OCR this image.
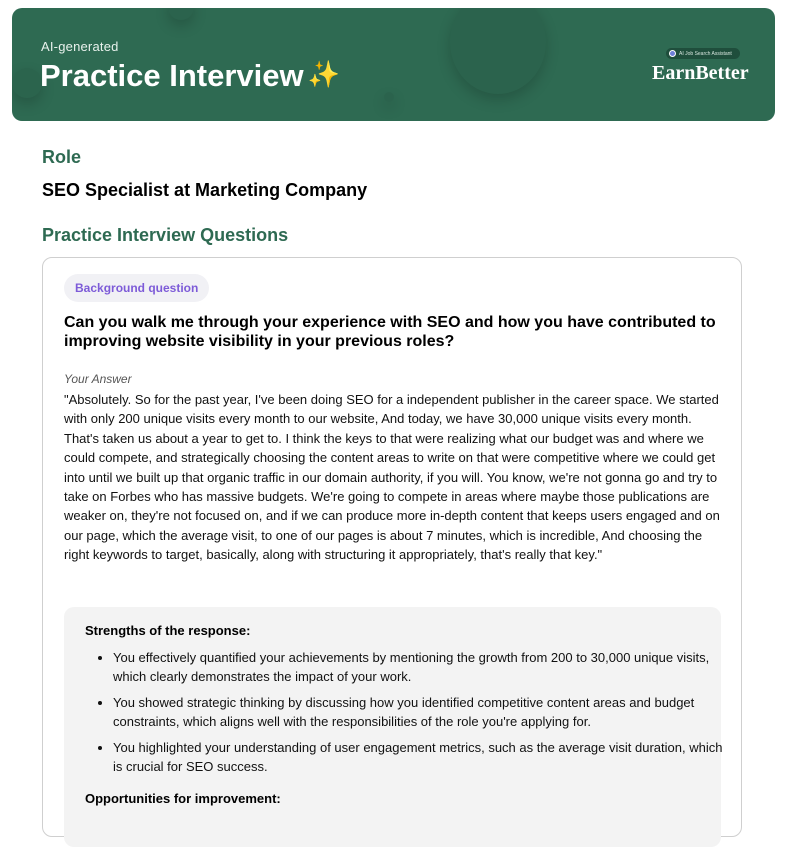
AI-generated
Practice Interview ✨
AI Job Search Assistant
EarnBetter
Role
SEO Specialist at Marketing Company
Practice Interview Questions
Background question
Can you walk me through your experience with SEO and how you have contributed to improving website visibility in your previous roles?
Your Answer
"Absolutely. So for the past year, I've been doing SEO for a independent publisher in the career space. We started with only 200 unique visits every month to our website, And today, we have 30,000 unique visits every month. That's taken us about a year to get to. I think the keys to that were realizing what our budget was and where we could compete, and strategically choosing the content areas to write on that were competitive where we could get into until we built up that organic traffic in our domain authority, if you will. You know, we're not gonna go and try to take on Forbes who has massive budgets. We're going to compete in areas where maybe those publications are weaker on, they're not focused on, and if we can produce more in-depth content that keeps users engaged and on our page, which the average visit, to one of our pages is about 7 minutes, which is incredible, And choosing the right keywords to target, basically, along with structuring it appropriately, that's really that key."
Strengths of the response:
• You effectively quantified your achievements by mentioning the growth from 200 to 30,000 unique visits, which clearly demonstrates the impact of your work.
• You showed strategic thinking by discussing how you identified competitive content areas and budget constraints, which aligns well with the responsibilities of the role you're applying for.
• You highlighted your understanding of user engagement metrics, such as the average visit duration, which is crucial for SEO success.
Opportunities for improvement:
